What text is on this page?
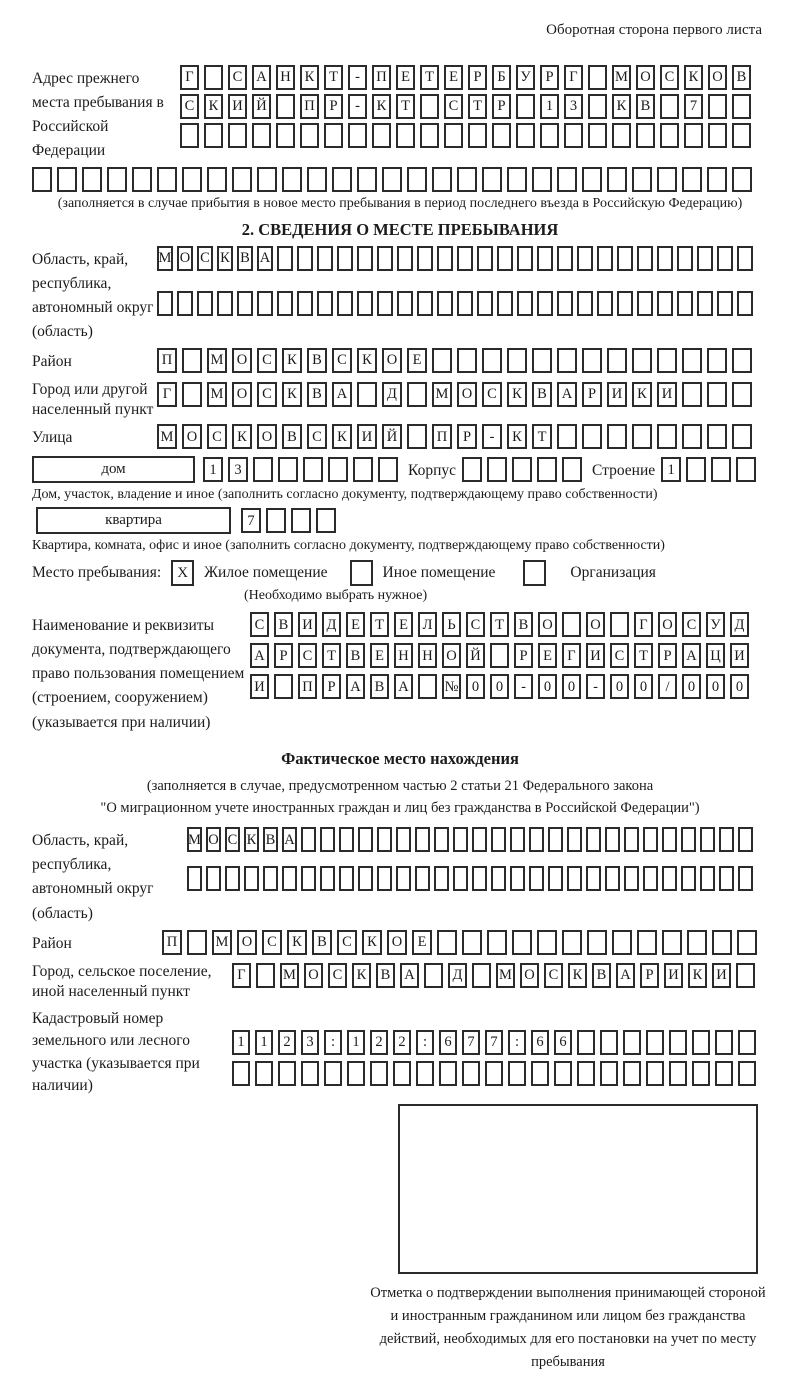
Оборотная сторона первого листа
Адрес прежнего места пребывания в Российской Федерации
Г	С А Н К	Т	-	П Е	Т	Е	Р	Б	У	Р	Г	М О С К О В
С К И Й	П	Р	-	К	Т	С	Т	Р	1	3	К В	7
(заполняется в случае прибытия в новое место пребывания в период последнего въезда в Российскую Федерацию)
2. СВЕДЕНИЯ О МЕСТЕ ПРЕБЫВАНИЯ
Область, край, республика, автономный округ (область)
М О С К В А
Район	П	М О	С	К	В	С	К	О	Е
Город или другой населенный пункт
Г	М О	С	К	В	А	Д	М О	С	К	В	А	Р	И	К	И
Улица	М О	С	К	О	В	С	К	И	Й	П	Р	-	К	Т
дом	1	3	Корпус	Строение 1
Дом, участок, владение и иное (заполнить согласно документу, подтверждающему право собственности)
квартира	7
Квартира, комната, офис и иное (заполнить согласно документу, подтверждающему право собственности)
Место пребывания:	X	Жилое помещение	Иное помещение	Организация
(Необходимо выбрать нужное)
Наименование и реквизиты документа, подтверждающего право пользования помещением (строением, сооружением) (указывается при наличии)
С В И Д	Е	Т	Е	Л	Ь	С	Т	В О	О	Г	О С У Д
А	Р	С	Т	В	Е Н Н О Й	Р	Е	Г	И С	Т	Р	А Ц И
И	П	Р	А В А № 0	0	-	0	0	-	0	0	/	0	0	0
Фактическое место нахождения
(заполняется в случае, предусмотренном частью 2 статьи 21 Федерального закона
"О миграционном учете иностранных граждан и лиц без гражданства в Российской Федерации")
Область, край, республика, автономный округ (область)
М О С К В А
Район	П	М О	С	К	В	С	К	О	Е
Город, сельское поселение, иной населенный пункт
Г	М О С К В А	Д	М О С К В А	Р	И К И
Кадастровый номер земельного или лесного участка (указывается при наличии)
1	1	2	3	:	1	2	2	:	6	7	7	:	6	6
Отметка о подтверждении выполнения принимающей стороной и иностранным гражданином или лицом без гражданства действий, необходимых для его постановки на учет по месту пребывания
